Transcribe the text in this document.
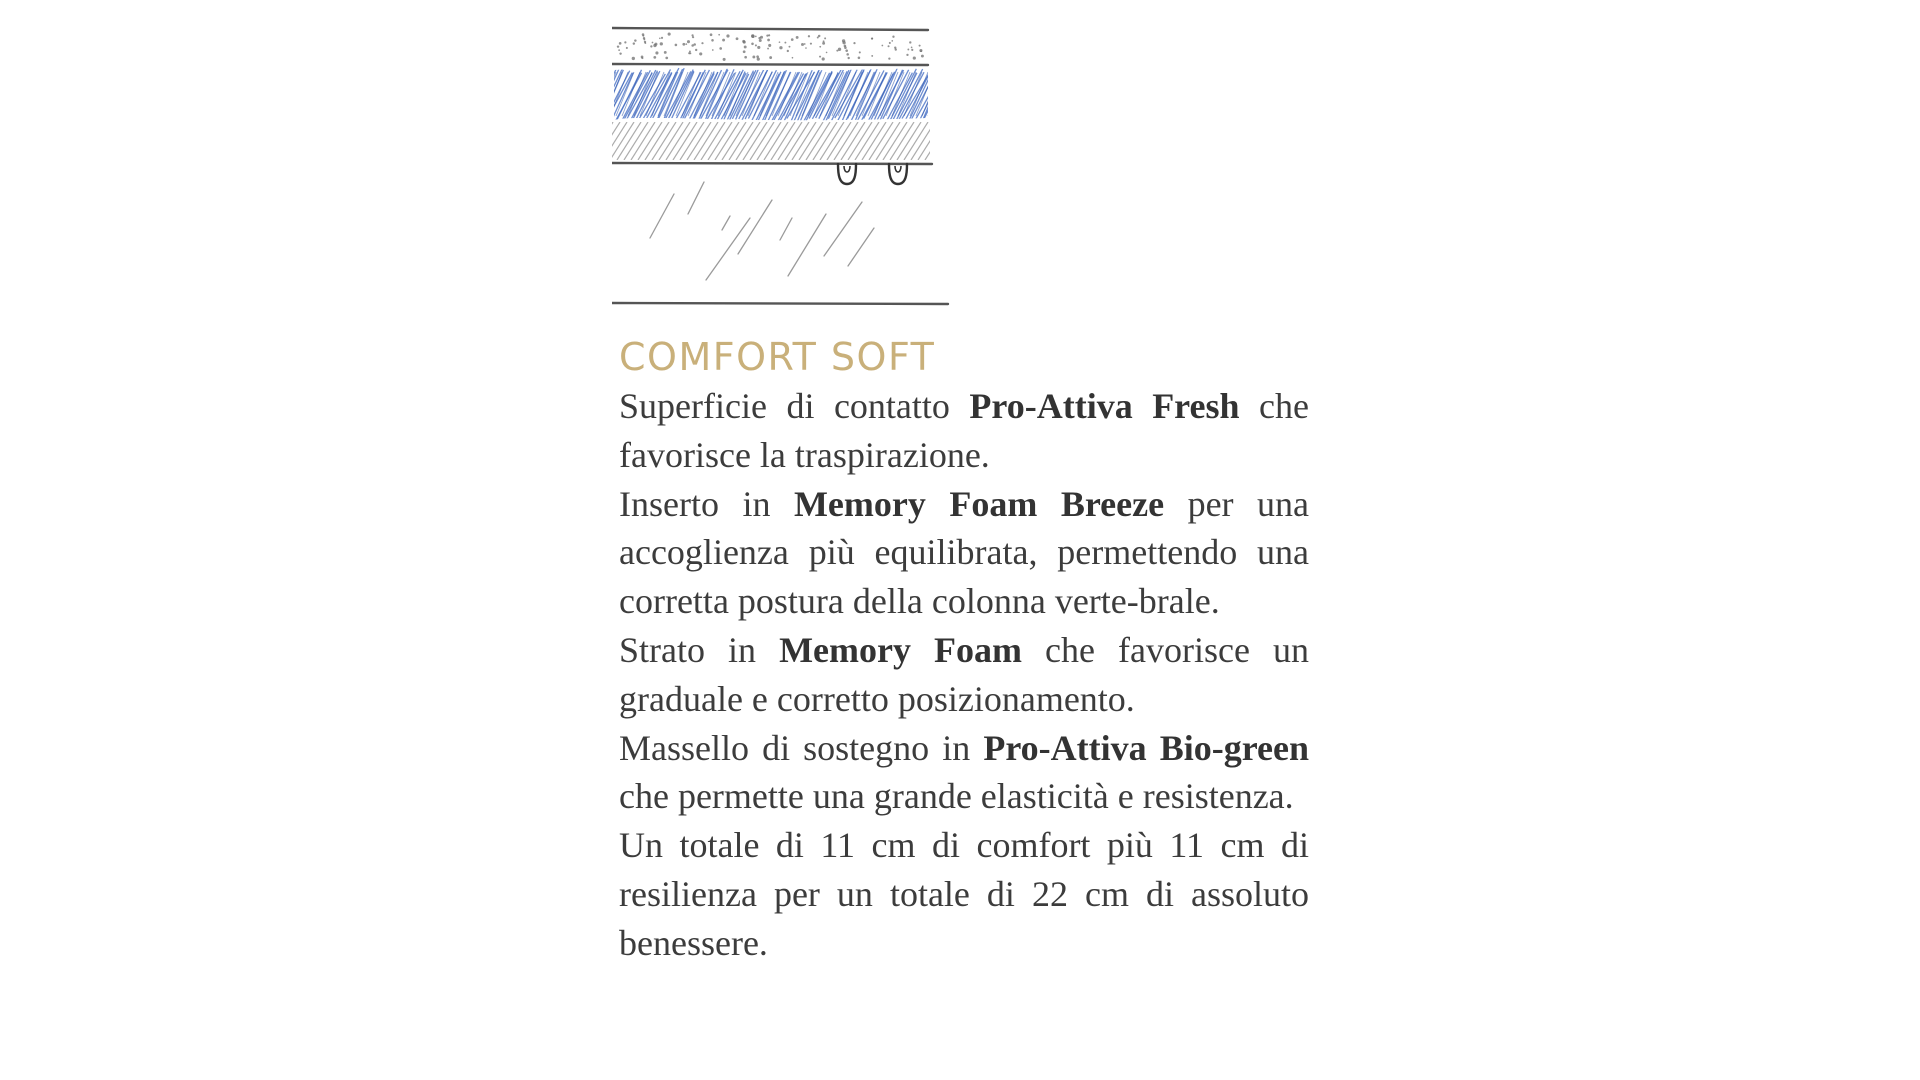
COMFORT SOFT

Superficie di contatto Pro-Attiva Fresh che favorisce la traspirazione.

Inserto in Memory Foam Breeze per una accoglienza più equilibrata, permettendo una corretta postura della colonna verte-brale.

Strato in Memory Foam che favorisce un graduale e corretto posizionamento.

Massello di sostegno in Pro-Attiva Bio-green che permette una grande elasticità e resistenza.

Un totale di 11 cm di comfort più 11 cm di resilienza per un totale di 22 cm di assoluto benessere.
